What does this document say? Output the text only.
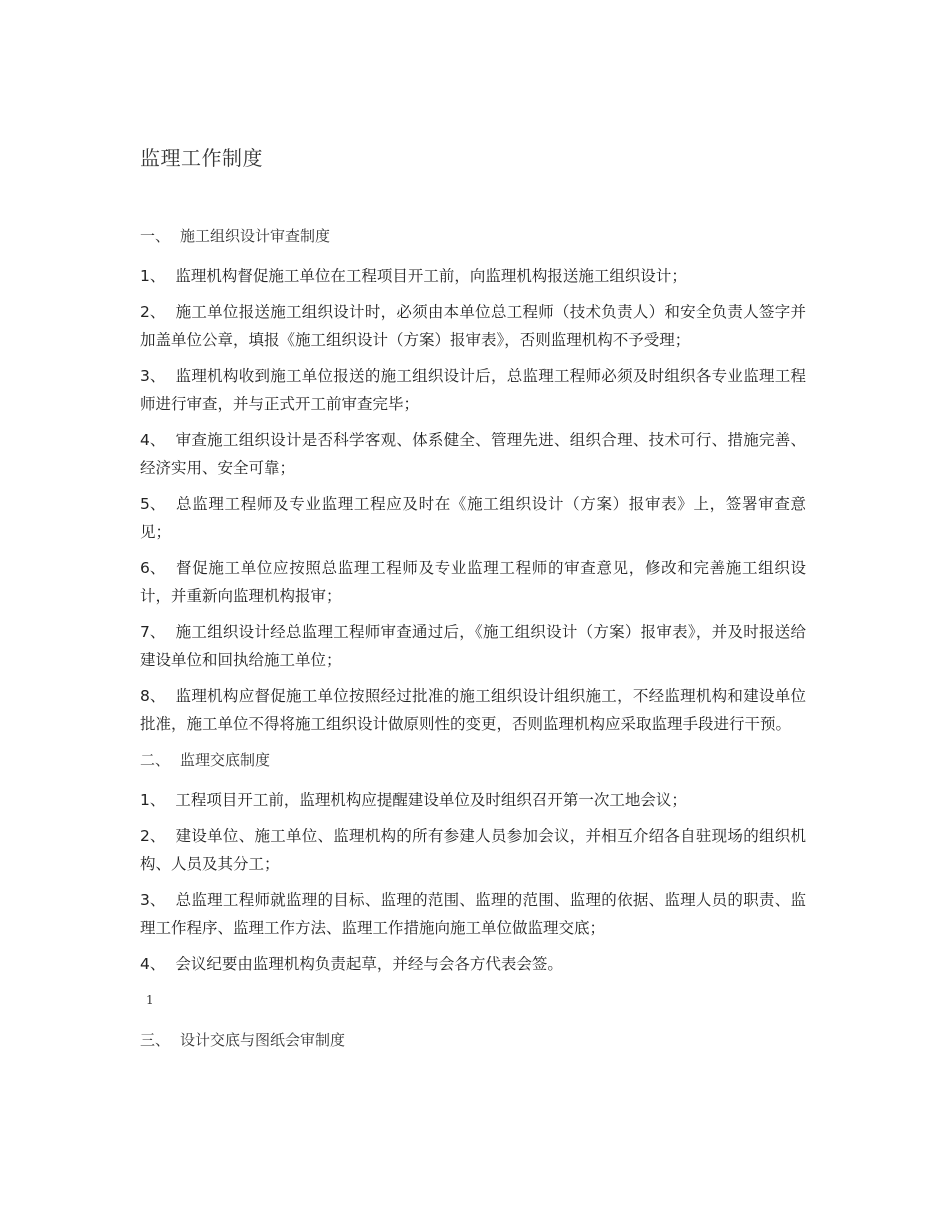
监理工作制度
一、 施工组织设计审查制度

1、 监理机构督促施工单位在工程项目开工前，向监理机构报送施工组织设计；

2、 施工单位报送施工组织设计时，必须由本单位总工程师（技术负责人）和安全负责人签字并加盖单位公章，填报《施工组织设计（方案）报审表》，否则监理机构不予受理；

3、 监理机构收到施工单位报送的施工组织设计后，总监理工程师必须及时组织各专业监理工程师进行审查，并与正式开工前审查完毕；

4、 审查施工组织设计是否科学客观、体系健全、管理先进、组织合理、技术可行、措施完善、经济实用、安全可靠；

5、 总监理工程师及专业监理工程应及时在《施工组织设计（方案）报审表》上，签署审查意见；

6、 督促施工单位应按照总监理工程师及专业监理工程师的审查意见，修改和完善施工组织设计，并重新向监理机构报审；

7、 施工组织设计经总监理工程师审查通过后，《施工组织设计（方案）报审表》，并及时报送给建设单位和回执给施工单位；

8、 监理机构应督促施工单位按照经过批准的施工组织设计组织施工，不经监理机构和建设单位批准，施工单位不得将施工组织设计做原则性的变更，否则监理机构应采取监理手段进行干预。

二、 监理交底制度

1、 工程项目开工前，监理机构应提醒建设单位及时组织召开第一次工地会议；

2、 建设单位、施工单位、监理机构的所有参建人员参加会议，并相互介绍各自驻现场的组织机构、人员及其分工；

3、 总监理工程师就监理的目标、监理的范围、监理的范围、监理的依据、监理人员的职责、监理工作程序、监理工作方法、监理工作措施向施工单位做监理交底；

4、 会议纪要由监理机构负责起草，并经与会各方代表会签。

1
三、 设计交底与图纸会审制度
